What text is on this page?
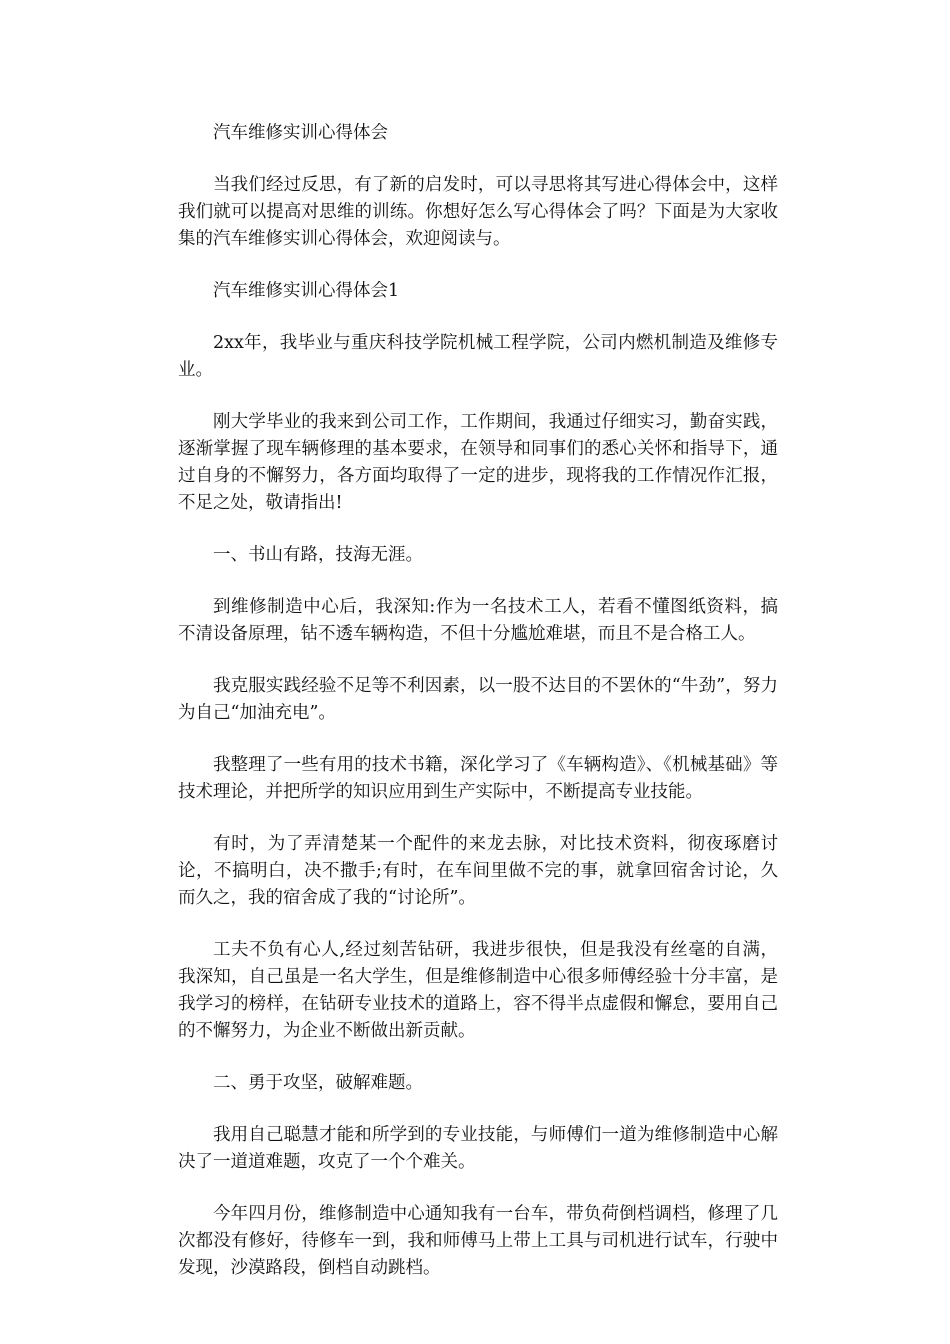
汽车维修实训心得体会

当我们经过反思，有了新的启发时，可以寻思将其写进心得体会中，这样我们就可以提高对思维的训练。你想好怎么写心得体会了吗？下面是为大家收集的汽车维修实训心得体会，欢迎阅读与。

汽车维修实训心得体会1

2xx年，我毕业与重庆科技学院机械工程学院，公司内燃机制造及维修专业。

刚大学毕业的我来到公司工作，工作期间，我通过仔细实习，勤奋实践，逐渐掌握了现车辆修理的基本要求，在领导和同事们的悉心关怀和指导下，通过自身的不懈努力，各方面均取得了一定的进步，现将我的工作情况作汇报，不足之处，敬请指出!

一、书山有路，技海无涯。

到维修制造中心后，我深知:作为一名技术工人，若看不懂图纸资料，搞不清设备原理，钻不透车辆构造，不但十分尴尬难堪，而且不是合格工人。

我克服实践经验不足等不利因素，以一股不达目的不罢休的“牛劲”，努力为自己“加油充电”。

我整理了一些有用的技术书籍，深化学习了《车辆构造》、《机械基础》等技术理论，并把所学的知识应用到生产实际中，不断提高专业技能。

有时，为了弄清楚某一个配件的来龙去脉，对比技术资料，彻夜琢磨讨论，不搞明白，决不撒手;有时，在车间里做不完的事，就拿回宿舍讨论，久而久之，我的宿舍成了我的“讨论所”。

工夫不负有心人,经过刻苦钻研，我进步很快，但是我没有丝毫的自满，我深知，自己虽是一名大学生，但是维修制造中心很多师傅经验十分丰富，是我学习的榜样，在钻研专业技术的道路上，容不得半点虚假和懈怠，要用自己的不懈努力，为企业不断做出新贡献。

二、勇于攻坚，破解难题。

我用自己聪慧才能和所学到的专业技能，与师傅们一道为维修制造中心解决了一道道难题，攻克了一个个难关。

今年四月份，维修制造中心通知我有一台车，带负荷倒档调档，修理了几次都没有修好，待修车一到，我和师傅马上带上工具与司机进行试车，行驶中发现，沙漠路段，倒档自动跳档。
